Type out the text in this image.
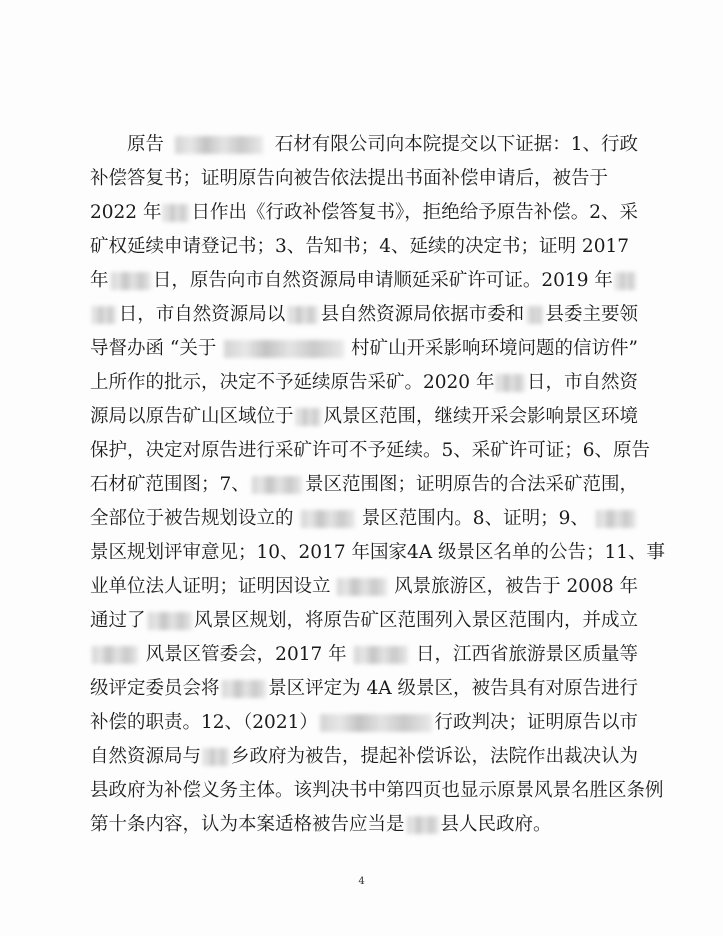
原告	石材有限公司向本院提交以下证据：1、行政
补偿答复书；证明原告向被告依法提出书面补偿申请后，被告于
2022 年 日作出《行政补偿答复书》，拒绝给予原告补偿。2、采
矿权延续申请登记书；3、告知书；4、延续的决定书；证明 2017
年 日，原告向市自然资源局申请顺延采矿许可证。2019 年
日，市自然资源局以 县自然资源局依据市委和 县委主要领
导督办函 “关于	村矿山开采影响环境问题的信访件”
上所作的批示，决定不予延续原告采矿。2020 年 日，市自然资
源局以原告矿山区域位于 风景区范围，继续开采会影响景区环境
保护，决定对原告进行采矿许可不予延续。5、采矿许可证；6、原告
石材矿范围图；7、	景区范围图；证明原告的合法采矿范围，
全部位于被告规划设立的	景区范围内。8、证明；9、
景区规划评审意见；10、2017 年国家4A 级景区名单的公告；11、事
业单位法人证明；证明因设立	风景旅游区，被告于 2008 年
通过了	风景区规划，将原告矿区范围列入景区范围内，并成立
风景区管委会，2017 年	日，江西省旅游景区质量等
级评定委员会将	景区评定为 4A 级景区，被告具有对原告进行
补偿的职责。12、（2021）	行政判决；证明原告以市
自然资源局与 乡政府为被告，提起补偿诉讼，法院作出裁决认为
县政府为补偿义务主体。该判决书中第四页也显示原景风景名胜区条例
第十条内容，认为本案适格被告应当是 县人民政府。
4
